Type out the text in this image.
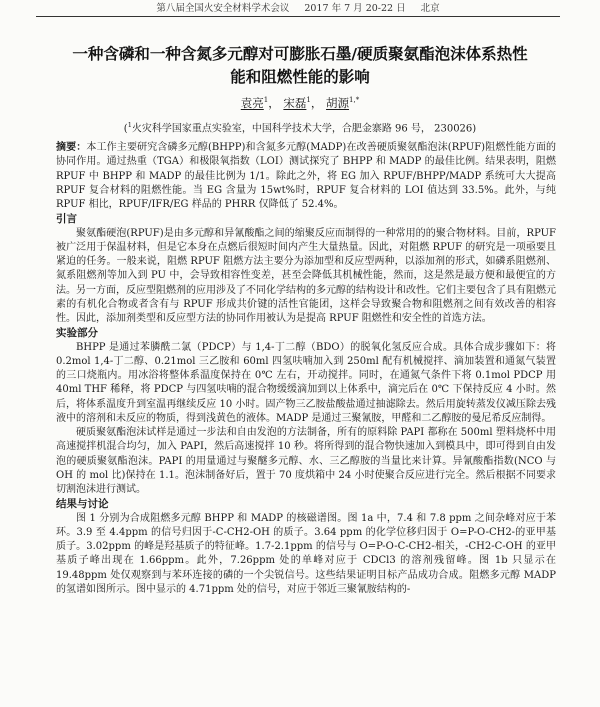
第八届全国火安全材料学术会议 2017 年 7 月 20-22 日 北京
一种含磷和一种含氮多元醇对可膨胀石墨/硬质聚氨酯泡沫体系热性
能和阻燃性能的影响
袁亮$^1$， 宋磊$^1$， 胡源$^{1,*}$
($^1$火灾科学国家重点实验室，中国科学技术大学，合肥金寨路 96 号， 230026)

摘要：本工作主要研究含磷多元醇(BHPP)和含氮多元醇(MADP)在改善硬质聚氨酯泡沫(RPUF)阻燃性能方面的协同作用。通过热重（TGA）和极限氧指数（LOI）测试探究了 BHPP 和 MADP 的最佳比例。结果表明，阻燃 RPUF 中 BHPP 和 MADP 的最佳比例为 1/1。除此之外，将 EG 加入 RPUF/BHPP/MADP 系统可大大提高 RPUF 复合材料的阻燃性能。当 EG 含量为 15wt%时，RPUF 复合材料的 LOI 值达到 33.5%。此外，与纯 RPUF 相比，RPUF/IFR/EG 样品的 PHRR 仅降低了 52.4%。

引言

聚氨酯硬泡(RPUF)是由多元醇和异氰酸酯之间的缩聚反应而制得的一种常用的的聚合物材料。目前，RPUF 被广泛用于保温材料，但是它本身在点燃后很短时间内产生大量热量。因此，对阻燃 RPUF 的研究是一项亟要且紧迫的任务。一般来说，阻燃 RPUF 阻燃方法主要分为添加型和反应型两种，以添加剂的形式，如磷系阻燃剂、氮系阻燃剂等加入到 PU 中，会导致相容性变差，甚至会降低其机械性能，然而，这是然是最方便和最便宜的方法。另一方面，反应型阻燃剂的应用涉及了不同化学结构的多元醇的结构设计和改性。它们主要包含了具有阻燃元素的有机化合物或者含有与 RPUF 形成共价键的活性官能团，这样会导致聚合物和阻燃剂之间有效改善的相容性。因此，添加剂类型和反应型方法的协同作用被认为是提高 RPUF 阻燃性和安全性的首选方法。

实验部分

BHPP 是通过苯膦酰二氯（PDCP）与 1,4-丁二醇（BDO）的脱氧化氢反应合成。具体合成步骤如下：将 0.2mol 1,4-丁二醇、0.21mol 三乙胺和 60ml 四氢呋喃加入到 250ml 配有机械搅拌、滴加装置和通氮气装置的三口烧瓶内。用冰浴将整体系温度保持在 0℃ 左右，开动搅拌。同时，在通氮气条件下将 0.1mol PDCP 用 40ml THF 稀释，将 PDCP 与四氢呋喃的混合物缓缓滴加到以上体系中，滴完后在 0℃ 下保持反应 4 小时。然后，将体系温度升到室温再继续反应 10 小时。固产物三乙胺盐酸盐通过抽滤除去。然后用旋转蒸发仪减压除去残液中的溶剂和未反应的物质，得到浅黄色的液体。MADP 是通过三聚氰胺，甲醛和二乙醇胺的曼尼希反应制得。

硬质聚氨酯泡沫试样是通过一步法和自由发泡的方法制备，所有的原料除 PAPI 都称在 500ml 塑料烧杯中用高速搅拌机混合均匀，加入 PAPI，然后高速搅拌 10 秒。将所得到的混合物快速加入到模具中，即可得到自由发泡的硬质聚氨酯泡沫。PAPI 的用量通过与聚醚多元醇、水、三乙醇胺的当量比来计算。异氰酸酯指数(NCO 与 OH 的 mol 比)保持在 1.1。泡沫制备好后，置于 70 度烘箱中 24 小时使聚合反应进行完全。然后根据不同要求切割泡沫进行测试。

结果与讨论

图 1 分别为合成阻燃多元醇 BHPP 和 MADP 的核磁谱图。图 1a 中，7.4 和 7.8 ppm 之间杂峰对应于苯环。3.9 至 4.4ppm 的信号归因于-C-CH2-OH 的质子。3.64 ppm 的化学位移归因于 O=P-O-CH2-的亚甲基质子。3.02ppm 的峰是羟基质子的特征峰。1.7-2.1ppm 的信号与 O=P-O-C-CH2-相关，-CH2-C-OH 的亚甲基质子峰出现在 1.66ppm。此外，7.26ppm 处的单峰对应于 CDCl3 的溶剂残留峰。图 1b 只显示在 19.48ppm 处仅观察到与苯环连接的磷的一个尖锐信号。这些结果证明目标产品成功合成。阻燃多元醇 MADP 的氢谱如图所示。图中显示的 4.71ppm 处的信号，对应于邻近三聚氰胺结构的-
